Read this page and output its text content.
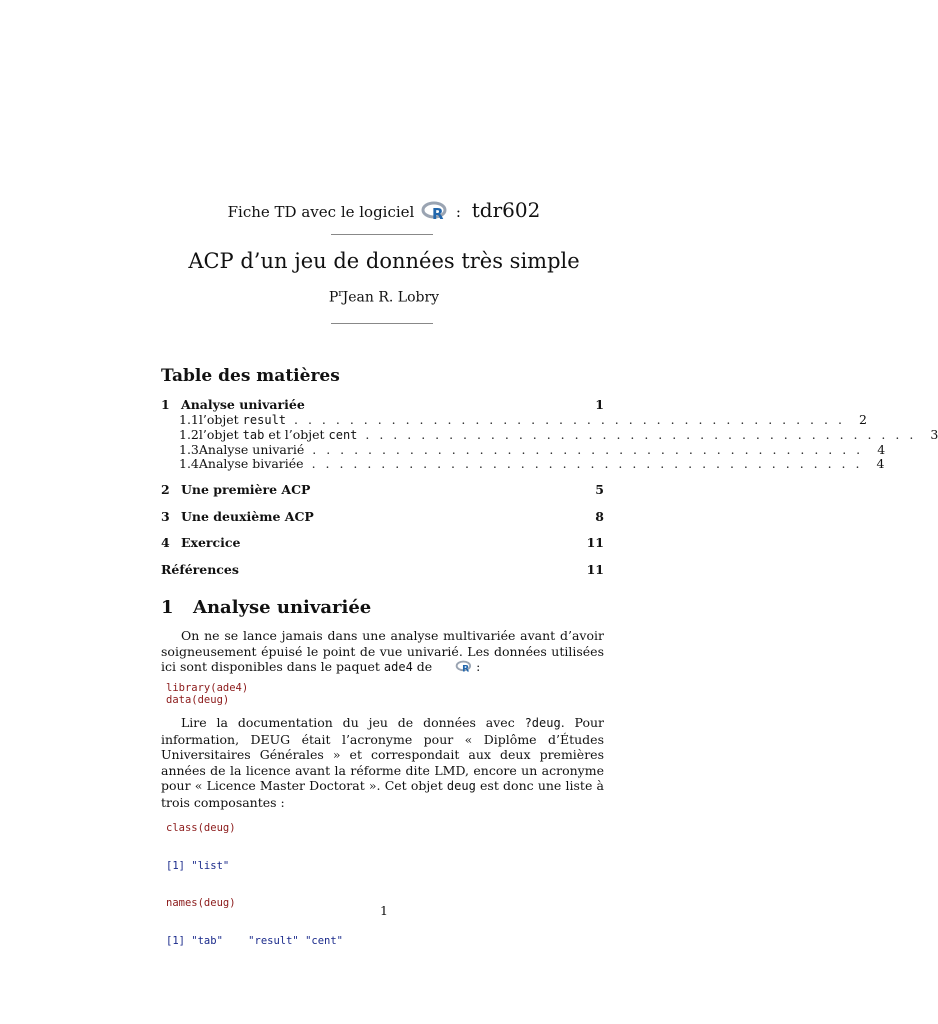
Fiche TD avec le logiciel R : tdr602
ACP d’un jeu de données très simple
$P^rJean$ R. Lobry
Table des matières
1 Analyse univariée	1
1.1 l’objet result . . . . . . . . . . . . . . . . . . . . . . . . . . . . . . . . . . . . . . . .	2
1.2 l’objet tab et l’objet cent . . . . . . . . . . . . . . . . . . . . . . . . . . . . . . . . . . . . . . . .	3
1.3 Analyse univarié . . . . . . . . . . . . . . . . . . . . . . . . . . . . . . . . . . . . . . . .	4
1.4 Analyse bivariée . . . . . . . . . . . . . . . . . . . . . . . . . . . . . . . . . . . . . . . .	4
2 Une première ACP	5
3 Une deuxième ACP	8
4 Exercice	11
Références	11
1 Analyse univariée
On ne se lance jamais dans une analyse multivariée avant d’avoir soigneusement épuisé le point de vue univarié. Les données utilisées ici sont disponibles dans le paquet ade4 de R :
library(ade4)
data(deug)
Lire la documentation du jeu de données avec ?deug. Pour information, DEUG était l’acronyme pour « Diplôme d’Études Universitaires Générales » et correspondait aux deux premières années de la licence avant la réforme dite LMD, encore un acronyme pour « Licence Master Doctorat ». Cet objet deug est donc une liste à trois composantes :

class(deug)

[1] "list"

names(deug)

[1] "tab"    "result" "cent"

1
